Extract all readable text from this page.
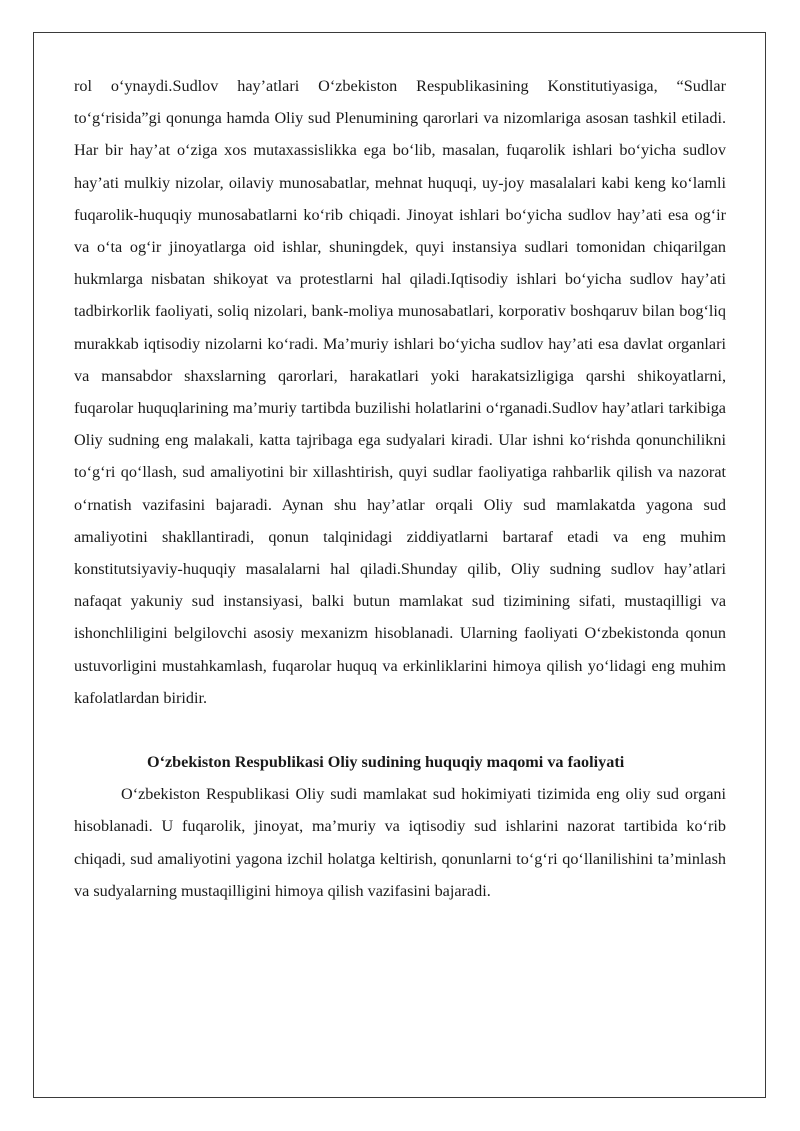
rol o‘ynaydi.Sudlov hay’atlari O‘zbekiston Respublikasining Konstitutiyasiga, “Sudlar to‘g‘risida”gi qonunga hamda Oliy sud Plenumining qarorlari va nizomlariga asosan tashkil etiladi. Har bir hay’at o‘ziga xos mutaxassislikka ega bo‘lib, masalan, fuqarolik ishlari bo‘yicha sudlov hay’ati mulkiy nizolar, oilaviy munosabatlar, mehnat huquqi, uy-joy masalalari kabi keng ko‘lamli fuqarolik-huquqiy munosabatlarni ko‘rib chiqadi. Jinoyat ishlari bo‘yicha sudlov hay’ati esa og‘ir va o‘ta og‘ir jinoyatlarga oid ishlar, shuningdek, quyi instansiya sudlari tomonidan chiqarilgan hukmlarga nisbatan shikoyat va protestlarni hal qiladi.Iqtisodiy ishlari bo‘yicha sudlov hay’ati tadbirkorlik faoliyati, soliq nizolari, bank-moliya munosabatlari, korporativ boshqaruv bilan bog‘liq murakkab iqtisodiy nizolarni ko‘radi. Ma’muriy ishlari bo‘yicha sudlov hay’ati esa davlat organlari va mansabdor shaxslarning qarorlari, harakatlari yoki harakatsizligiga qarshi shikoyatlarni, fuqarolar huquqlarining ma’muriy tartibda buzilishi holatlarini o‘rganadi.Sudlov hay’atlari tarkibiga Oliy sudning eng malakali, katta tajribaga ega sudyalari kiradi. Ular ishni ko‘rishda qonunchilikni to‘g‘ri qo‘llash, sud amaliyotini bir xillashtirish, quyi sudlar faoliyatiga rahbarlik qilish va nazorat o‘rnatish vazifasini bajaradi. Aynan shu hay’atlar orqali Oliy sud mamlakatda yagona sud amaliyotini shakllantiradi, qonun talqinidagi ziddiyatlarni bartaraf etadi va eng muhim konstitutsiyaviy-huquqiy masalalarni hal qiladi.Shunday qilib, Oliy sudning sudlov hay’atlari nafaqat yakuniy sud instansiyasi, balki butun mamlakat sud tizimining sifati, mustaqilligi va ishonchliligini belgilovchi asosiy mexanizm hisoblanadi. Ularning faoliyati O‘zbekistonda qonun ustuvorligini mustahkamlash, fuqarolar huquq va erkinliklarini himoya qilish yo‘lidagi eng muhim kafolatlardan biridir.

O‘zbekiston Respublikasi Oliy sudining huquqiy maqomi va faoliyati

O‘zbekiston Respublikasi Oliy sudi mamlakat sud hokimiyati tizimida eng oliy sud organi hisoblanadi. U fuqarolik, jinoyat, ma’muriy va iqtisodiy sud ishlarini nazorat tartibida ko‘rib chiqadi, sud amaliyotini yagona izchil holatga keltirish, qonunlarni to‘g‘ri qo‘llanilishini ta’minlash va sudyalarning mustaqilligini himoya qilish vazifasini bajaradi.
